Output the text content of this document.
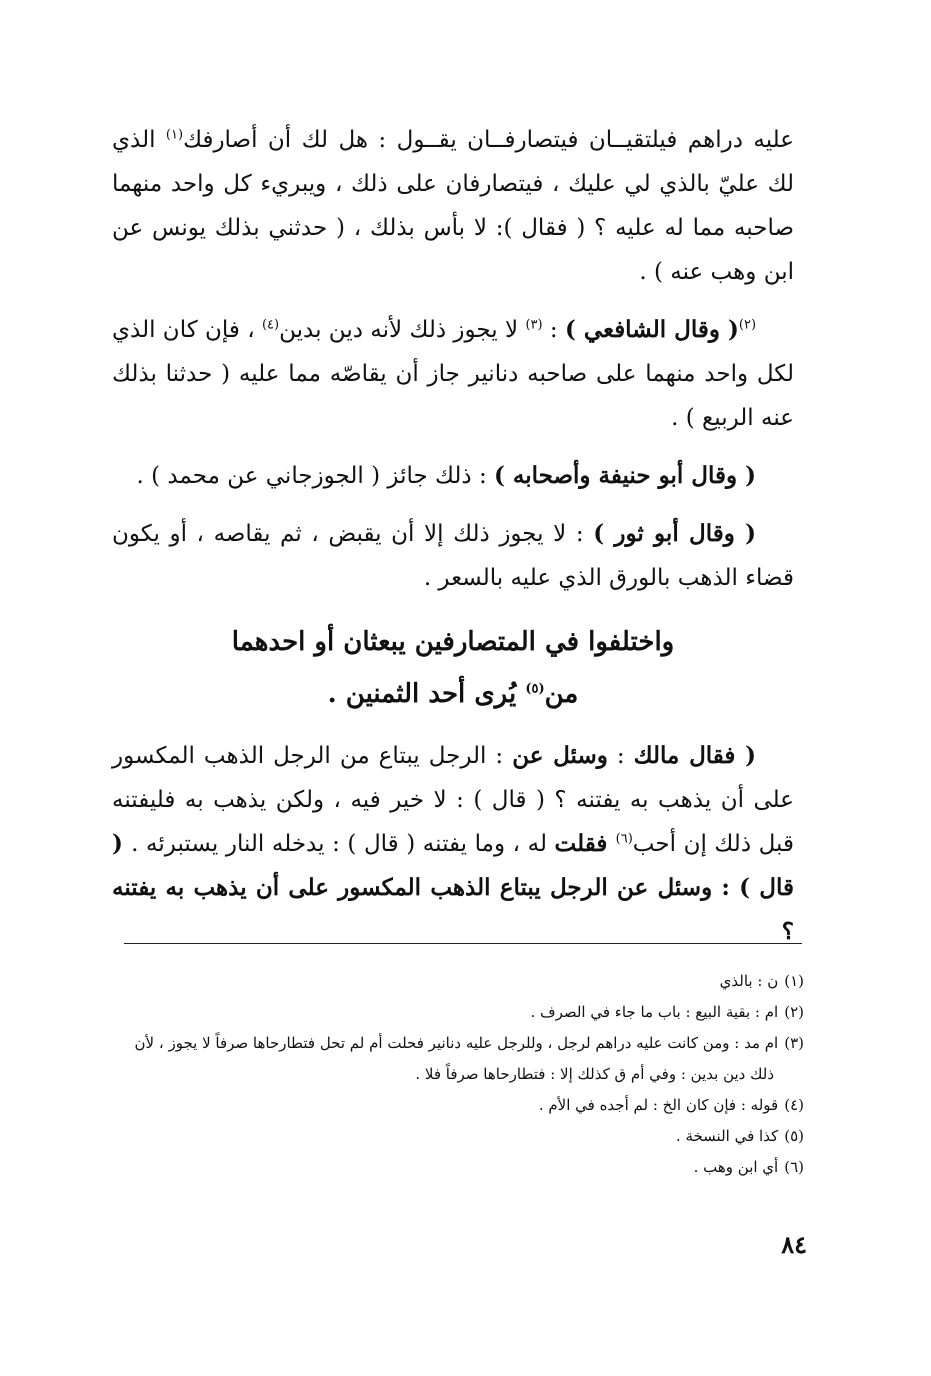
عليه دراهم فيلتقيــان فيتصارفــان يقــول : هل لك أن أصارفك$^{(١)}$ الذي لك عليّ بالذي لي عليك ، فيتصارفان على ذلك ، ويبريء كل واحد منهما صاحبه مما له عليه ؟ ( فقال ): لا بأس بذلك ، ( حدثني بذلك يونس عن ابن وهب عنه ) .

$^{(٢)}$( وقال الشافعي ) : $^{(٣)}$ لا يجوز ذلك لأنه دين بدين$^{(٤)}$ ، فإن كان الذي لكل واحد منهما على صاحبه دنانير جاز أن يقاصّه مما عليه ( حدثنا بذلك عنه الربيع ) .

( وقال أبو حنيفة وأصحابه ) : ذلك جائز ( الجوزجاني عن محمد ) .

( وقال أبو ثور ) : لا يجوز ذلك إلا أن يقبض ، ثم يقاصه ، أو يكون قضاء الذهب بالورق الذي عليه بالسعر .

واختلفوا في المتصارفين يبعثان أو احدهما
من$^{(٥)}$ يُرى أحد الثمنين .

( فقال مالك : وسئل عن : الرجل يبتاع من الرجل الذهب المكسور على أن يذهب به يفتنه ؟ ( قال ) : لا خير فيه ، ولكن يذهب به فليفتنه قبل ذلك إن أحب$^{(٦)}$ فقلت له ، وما يفتنه ( قال ) : يدخله النار يستبرئه . ( قال ) : وسئل عن الرجل يبتاع الذهب المكسور على أن يذهب به يفتنه ؟

(١)ن : بالذي

(٢)ام : بقية البيع : باب ما جاء في الصرف .

(٣)ام مد : ومن كانت عليه دراهم لرجل ، وللرجل عليه دنانير فحلت أم لم تحل فتطارحاها صرفاً لا يجوز ، لأن
ذلك دين بدين : وفي أم ق كذلك إلا : فتطارحاها صرفاً فلا .

(٤)قوله : فإن كان الخ : لم أجده في الأم .

(٥)كذا في النسخة .

(٦)أي ابن وهب .

٨٤
